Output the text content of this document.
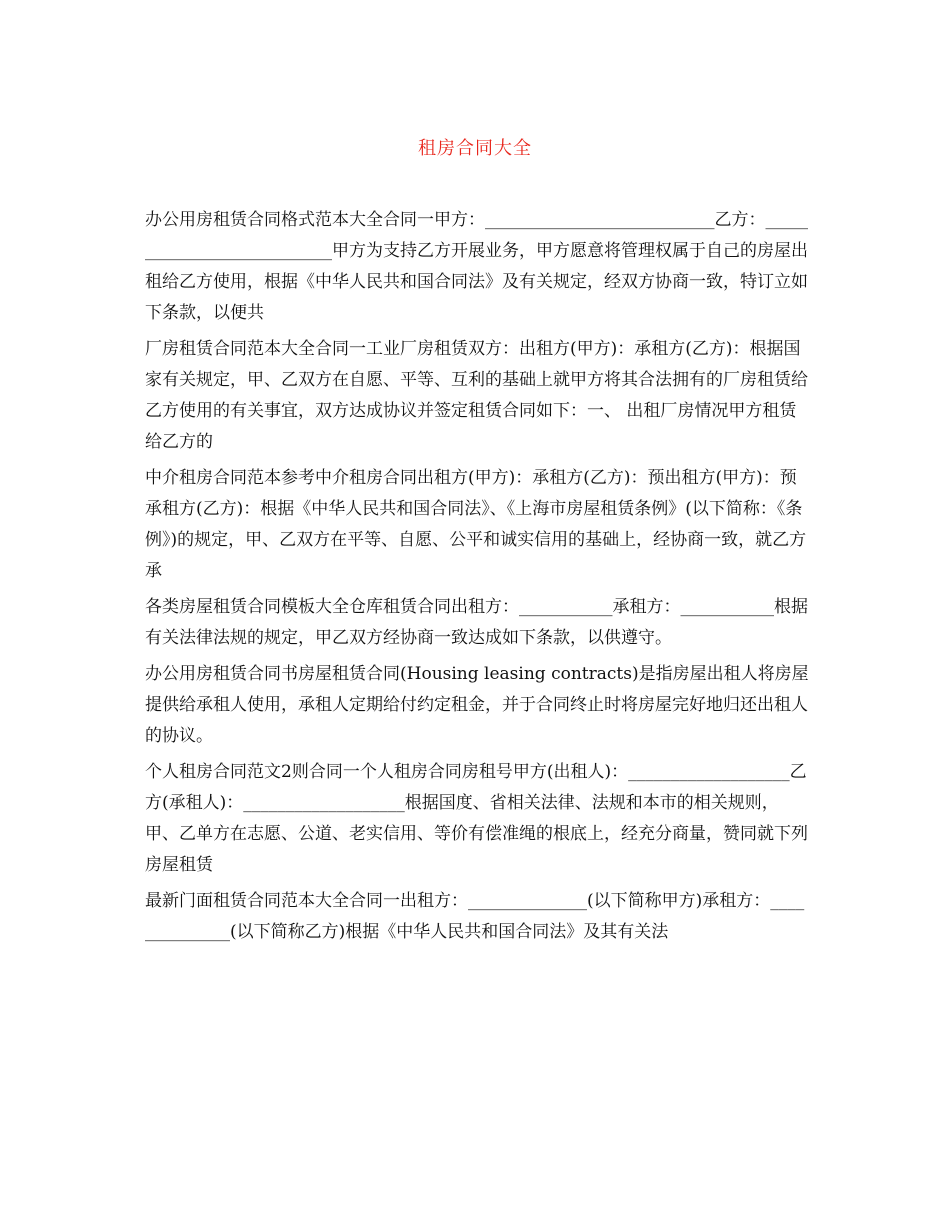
租房合同大全

办公用房租赁合同格式范本大全合同一甲方：___________________________乙方：___________________________甲方为支持乙方开展业务，甲方愿意将管理权属于自己的房屋出租给乙方使用，根据《中华人民共和国合同法》及有关规定，经双方协商一致，特订立如下条款，以便共

厂房租赁合同范本大全合同一工业厂房租赁双方：出租方(甲方)：承租方(乙方)：根据国家有关规定，甲、乙双方在自愿、平等、互利的基础上就甲方将其合法拥有的厂房租赁给乙方使用的有关事宜，双方达成协议并签定租赁合同如下：一、 出租厂房情况甲方租赁给乙方的

中介租房合同范本参考中介租房合同出租方(甲方)：承租方(乙方)：预出租方(甲方)：预承租方(乙方)：根据《中华人民共和国合同法》、《上海市房屋租赁条例》(以下简称：《条例》)的规定，甲、乙双方在平等、自愿、公平和诚实信用的基础上，经协商一致，就乙方承

各类房屋租赁合同模板大全仓库租赁合同出租方：___________承租方：___________根据有关法律法规的规定，甲乙双方经协商一致达成如下条款，以供遵守。

办公用房租赁合同书房屋租赁合同(Housing leasing contracts)是指房屋出租人将房屋提供给承租人使用，承租人定期给付约定租金，并于合同终止时将房屋完好地归还出租人的协议。

个人租房合同范文2则合同一个人租房合同房租号甲方(出租人)：___________________乙方(承租人)：___________________根据国度、省相关法律、法规和本市的相关规则，甲、乙单方在志愿、公道、老实信用、等价有偿准绳的根底上，经充分商量，赞同就下列房屋租赁

最新门面租赁合同范本大全合同一出租方：______________(以下简称甲方)承租方：______________(以下简称乙方)根据《中华人民共和国合同法》及其有关法
